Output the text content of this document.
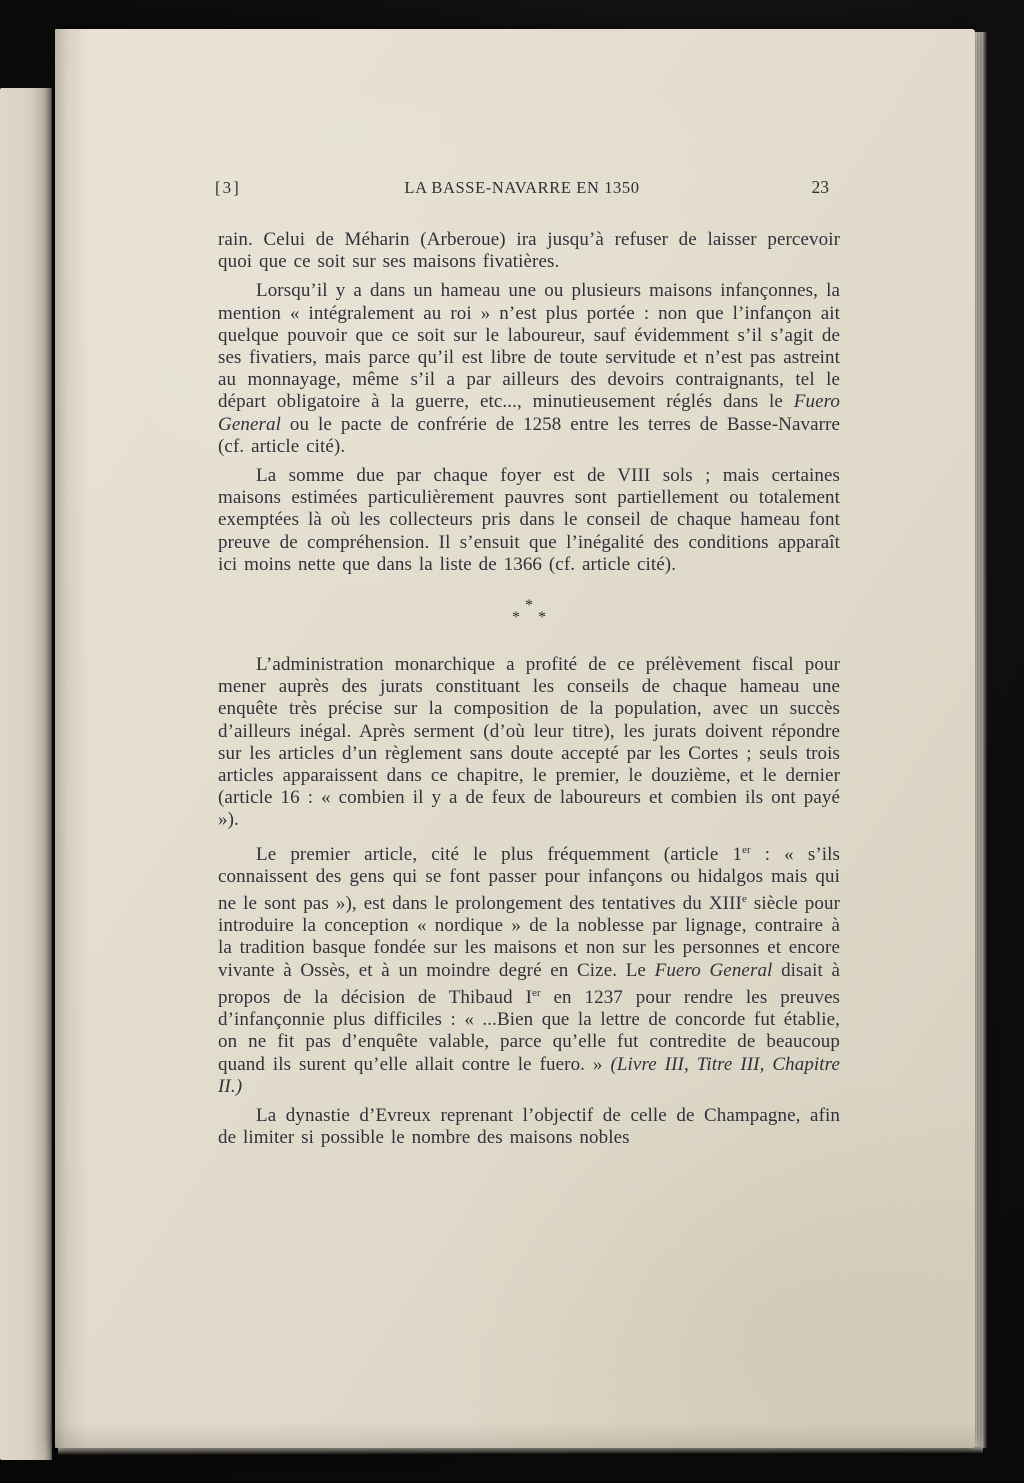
[3]	LA BASSE-NAVARRE EN 1350	23

rain. Celui de Méharin (Arberoue) ira jusqu’à refuser de laisser percevoir quoi que ce soit sur ses maisons fivatières.

Lorsqu’il y a dans un hameau une ou plusieurs maisons infançonnes, la mention « intégralement au roi » n’est plus portée : non que l’infançon ait quelque pouvoir que ce soit sur le laboureur, sauf évidemment s’il s’agit de ses fivatiers, mais parce qu’il est libre de toute servitude et n’est pas astreint au monnayage, même s’il a par ailleurs des devoirs contraignants, tel le départ obligatoire à la guerre, etc..., minutieusement réglés dans le Fuero General ou le pacte de confrérie de 1258 entre les terres de Basse-Navarre (cf. article cité).

La somme due par chaque foyer est de VIII sols ; mais certaines maisons estimées particulièrement pauvres sont partiellement ou totalement exemptées là où les collecteurs pris dans le conseil de chaque hameau font preuve de compréhension. Il s’ensuit que l’inégalité des conditions apparaît ici moins nette que dans la liste de 1366 (cf. article cité).

*
* *

L’administration monarchique a profité de ce prélèvement fiscal pour mener auprès des jurats constituant les conseils de chaque hameau une enquête très précise sur la composition de la population, avec un succès d’ailleurs inégal. Après serment (d’où leur titre), les jurats doivent répondre sur les articles d’un règlement sans doute accepté par les Cortes ; seuls trois articles apparaissent dans ce chapitre, le premier, le douzième, et le dernier (article 16 : « combien il y a de feux de laboureurs et combien ils ont payé »).

Le premier article, cité le plus fréquemment (article 1er : « s’ils connaissent des gens qui se font passer pour infançons ou hidalgos mais qui ne le sont pas »), est dans le prolongement des tentatives du XIIIe siècle pour introduire la conception « nordique » de la noblesse par lignage, contraire à la tradition basque fondée sur les maisons et non sur les personnes et encore vivante à Ossès, et à un moindre degré en Cize. Le Fuero General disait à propos de la décision de Thibaud Ier en 1237 pour rendre les preuves d’infançonnie plus difficiles : « ...Bien que la lettre de concorde fut établie, on ne fit pas d’enquête valable, parce qu’elle fut contredite de beaucoup quand ils surent qu’elle allait contre le fuero. » (Livre III, Titre III, Chapitre II.)

La dynastie d’Evreux reprenant l’objectif de celle de Champagne, afin de limiter si possible le nombre des maisons nobles
